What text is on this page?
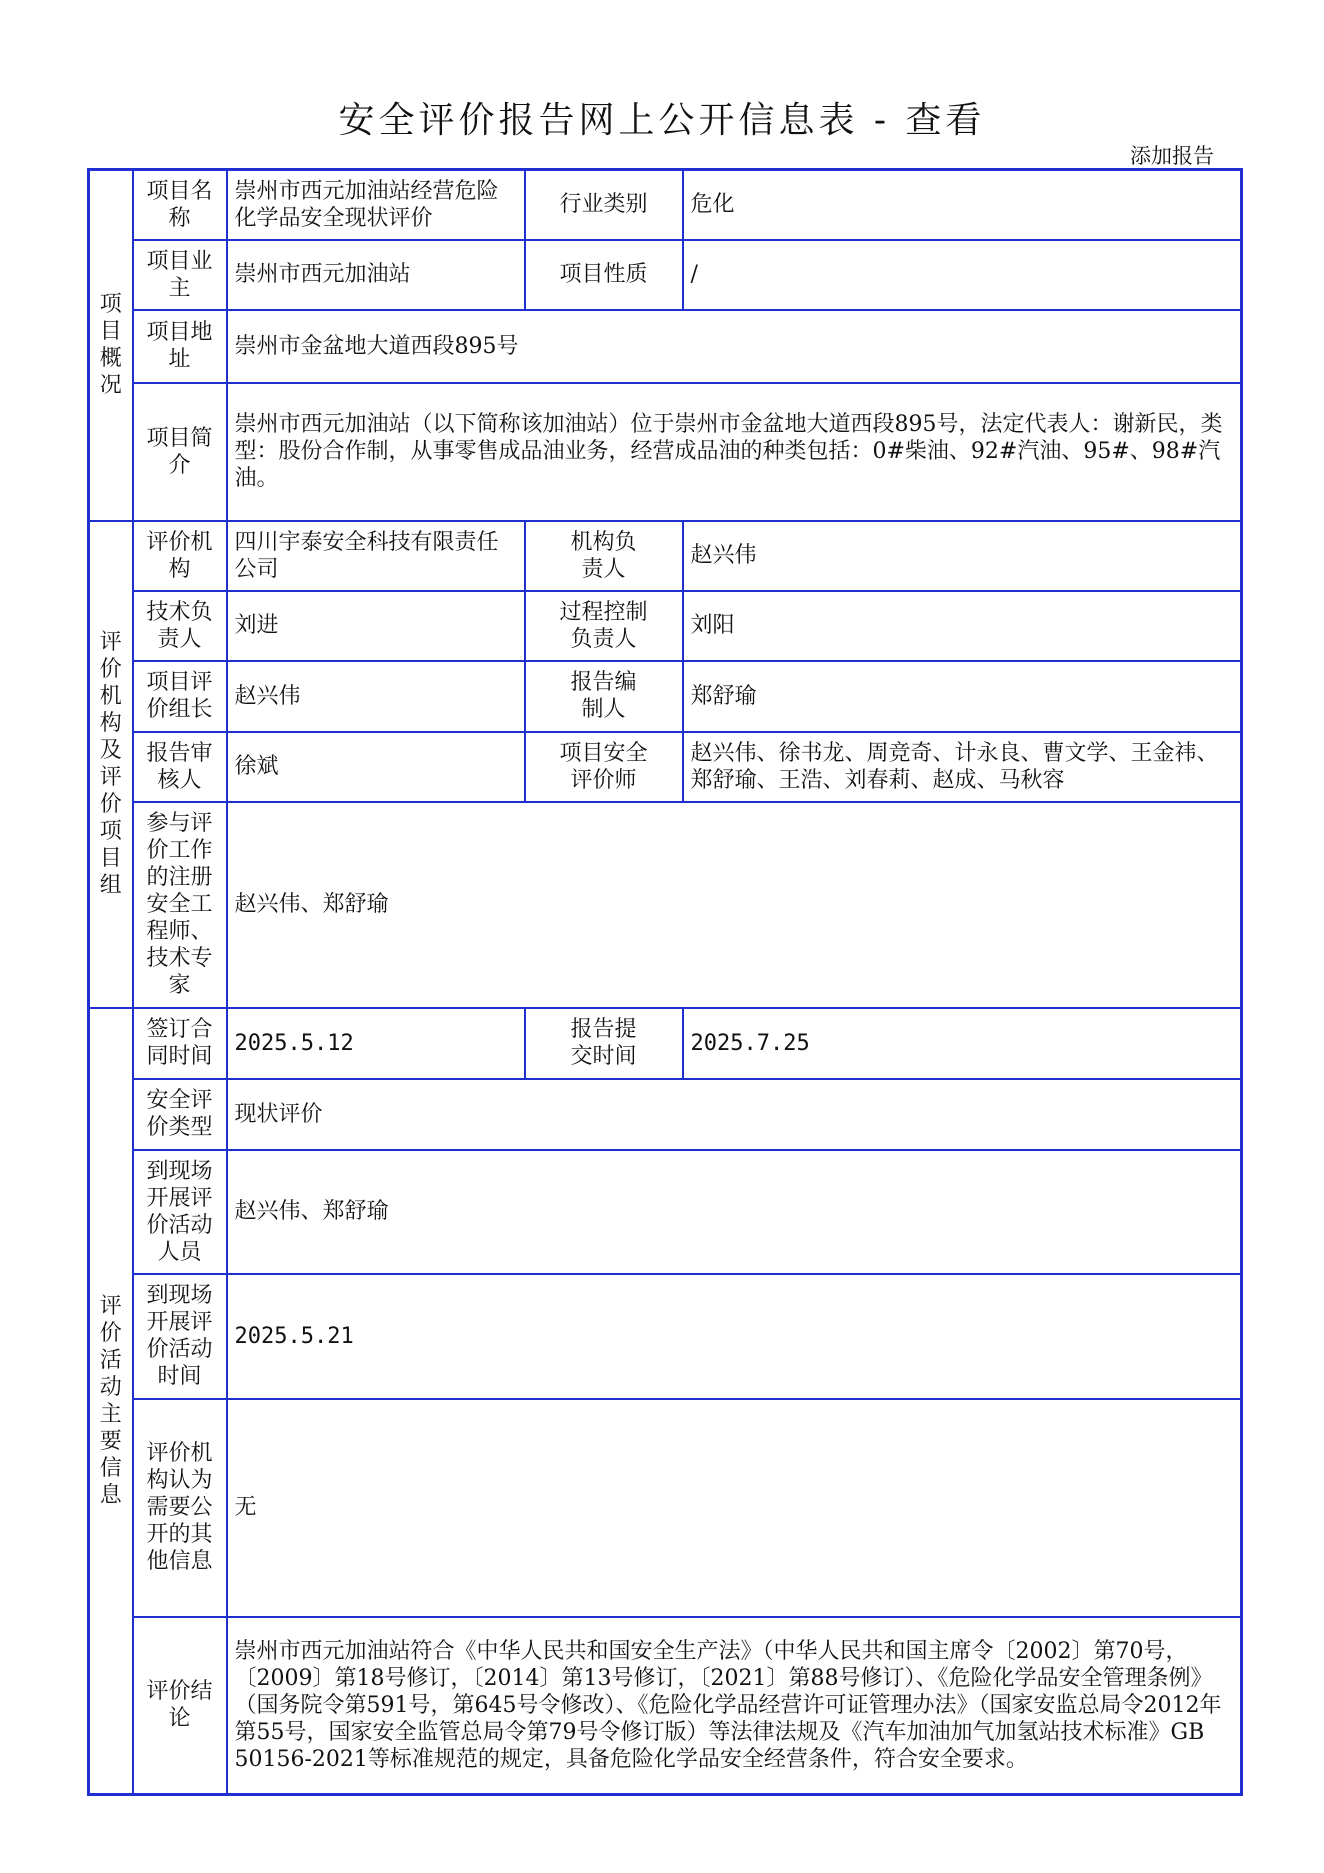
安全评价报告网上公开信息表 - 查看
添加报告
项目概况	项目名称	崇州市西元加油站经营危险化学品安全现状评价	行业类别	危化
	项目业主	崇州市西元加油站	项目性质	/
	项目地址	崇州市金盆地大道西段895号		
	项目简介	崇州市西元加油站（以下简称该加油站）位于崇州市金盆地大道西段895号，法定代表人：谢新民，类型：股份合作制，从事零售成品油业务，经营成品油的种类包括：0#柴油、92#汽油、95#、98#汽油。		
评价机构及评价项目组	评价机构	四川宇泰安全科技有限责任公司	机构负责人	赵兴伟
	技术负责人	刘进	过程控制负责人	刘阳
	项目评价组长	赵兴伟	报告编制人	郑舒瑜
	报告审核人	徐斌	项目安全评价师	赵兴伟、徐书龙、周竞奇、计永良、曹文学、王金祎、郑舒瑜、王浩、刘春莉、赵成、马秋容
	参与评价工作的注册安全工程师、技术专家	赵兴伟、郑舒瑜		
评价活动主要信息	签订合同时间	2025.5.12	报告提交时间	2025.7.25
	安全评价类型	现状评价		
	到现场开展评价活动人员	赵兴伟、郑舒瑜		
	到现场开展评价活动时间	2025.5.21		
	评价机构认为需要公开的其他信息	无		
	评价结论	崇州市西元加油站符合《中华人民共和国安全生产法》（中华人民共和国主席令〔2002〕第70号，〔2009〕第18号修订，〔2014〕第13号修订，〔2021〕第88号修订）、《危险化学品安全管理条例》（国务院令第591号，第645号令修改）、《危险化学品经营许可证管理办法》（国家安监总局令2012年第55号，国家安全监管总局令第79号令修订版）等法律法规及《汽车加油加气加氢站技术标准》GB 50156-2021等标准规范的规定，具备危险化学品安全经营条件，符合安全要求。		
